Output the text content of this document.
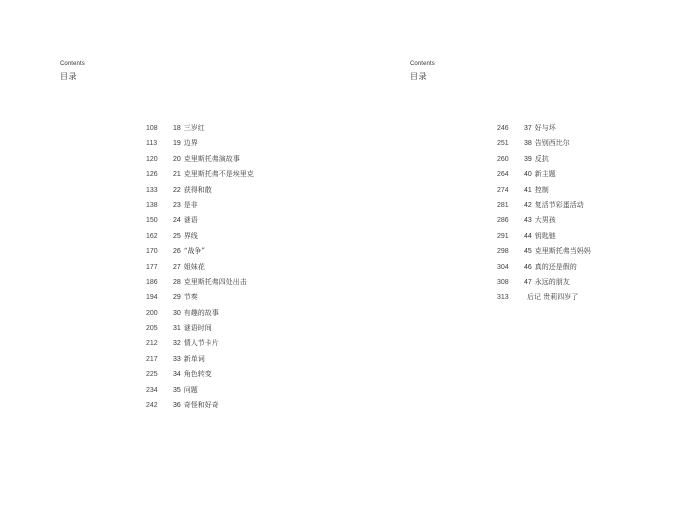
Contents
目录
108 18 三岁红
113 19 边界
120 20 克里斯托弗演故事
126 21 克里斯托弗不是埃里克
133 22 获得和散
138 23 是非
150 24 谜语
162 25 界线
170 26 “战争”
177 27 姐妹花
186 28 克里斯托弗四处出击
194 29 节奏
200 30 有趣的故事
205 31 谜语时间
212 32 情人节卡片
217 33 新单词
225 34 角色转变
234 35 问题
242 36 奇怪和好奇
Contents
目录
246 37 好与坏
251 38 告别西比尔
260 39 反抗
264 40 新主题
274 41 控制
281 42 复活节彩蛋活动
286 43 大男孩
291 44 钥匙链
298 45 克里斯托弗当妈妈
304 46 真的还是假的
308 47 永远的朋友
313	后记 贵莉四岁了
